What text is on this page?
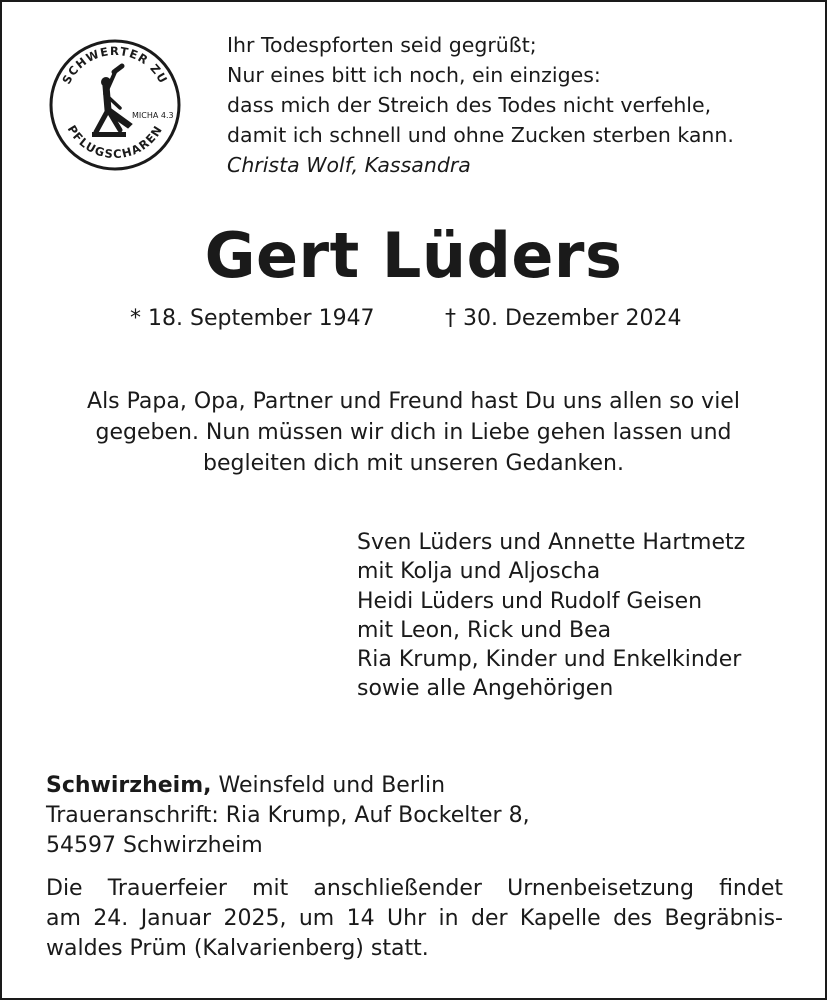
SCHWERTER ZU
PFLUGSCHAREN
MICHA 4.3
Ihr Todespforten seid gegrüßt;
Nur eines bitt ich noch, ein einziges:
dass mich der Streich des Todes nicht verfehle,
damit ich schnell und ohne Zucken sterben kann.
Christa Wolf, Kassandra
Gert Lüders
* 18. September 1947	† 30. Dezember 2024
Als Papa, Opa, Partner und Freund hast Du uns allen so viel
gegeben. Nun müssen wir dich in Liebe gehen lassen und
begleiten dich mit unseren Gedanken.
Sven Lüders und Annette Hartmetz
mit Kolja und Aljoscha
Heidi Lüders und Rudolf Geisen
mit Leon, Rick und Bea
Ria Krump, Kinder und Enkelkinder
sowie alle Angehörigen
Schwirzheim, Weinsfeld und Berlin
Traueranschrift: Ria Krump, Auf Bockelter 8,
54597 Schwirzheim
Die Trauerfeier mit anschließender Urnenbeisetzung findet
am 24. Januar 2025, um 14 Uhr in der Kapelle des Begräbnis-
waldes Prüm (Kalvarienberg) statt.
